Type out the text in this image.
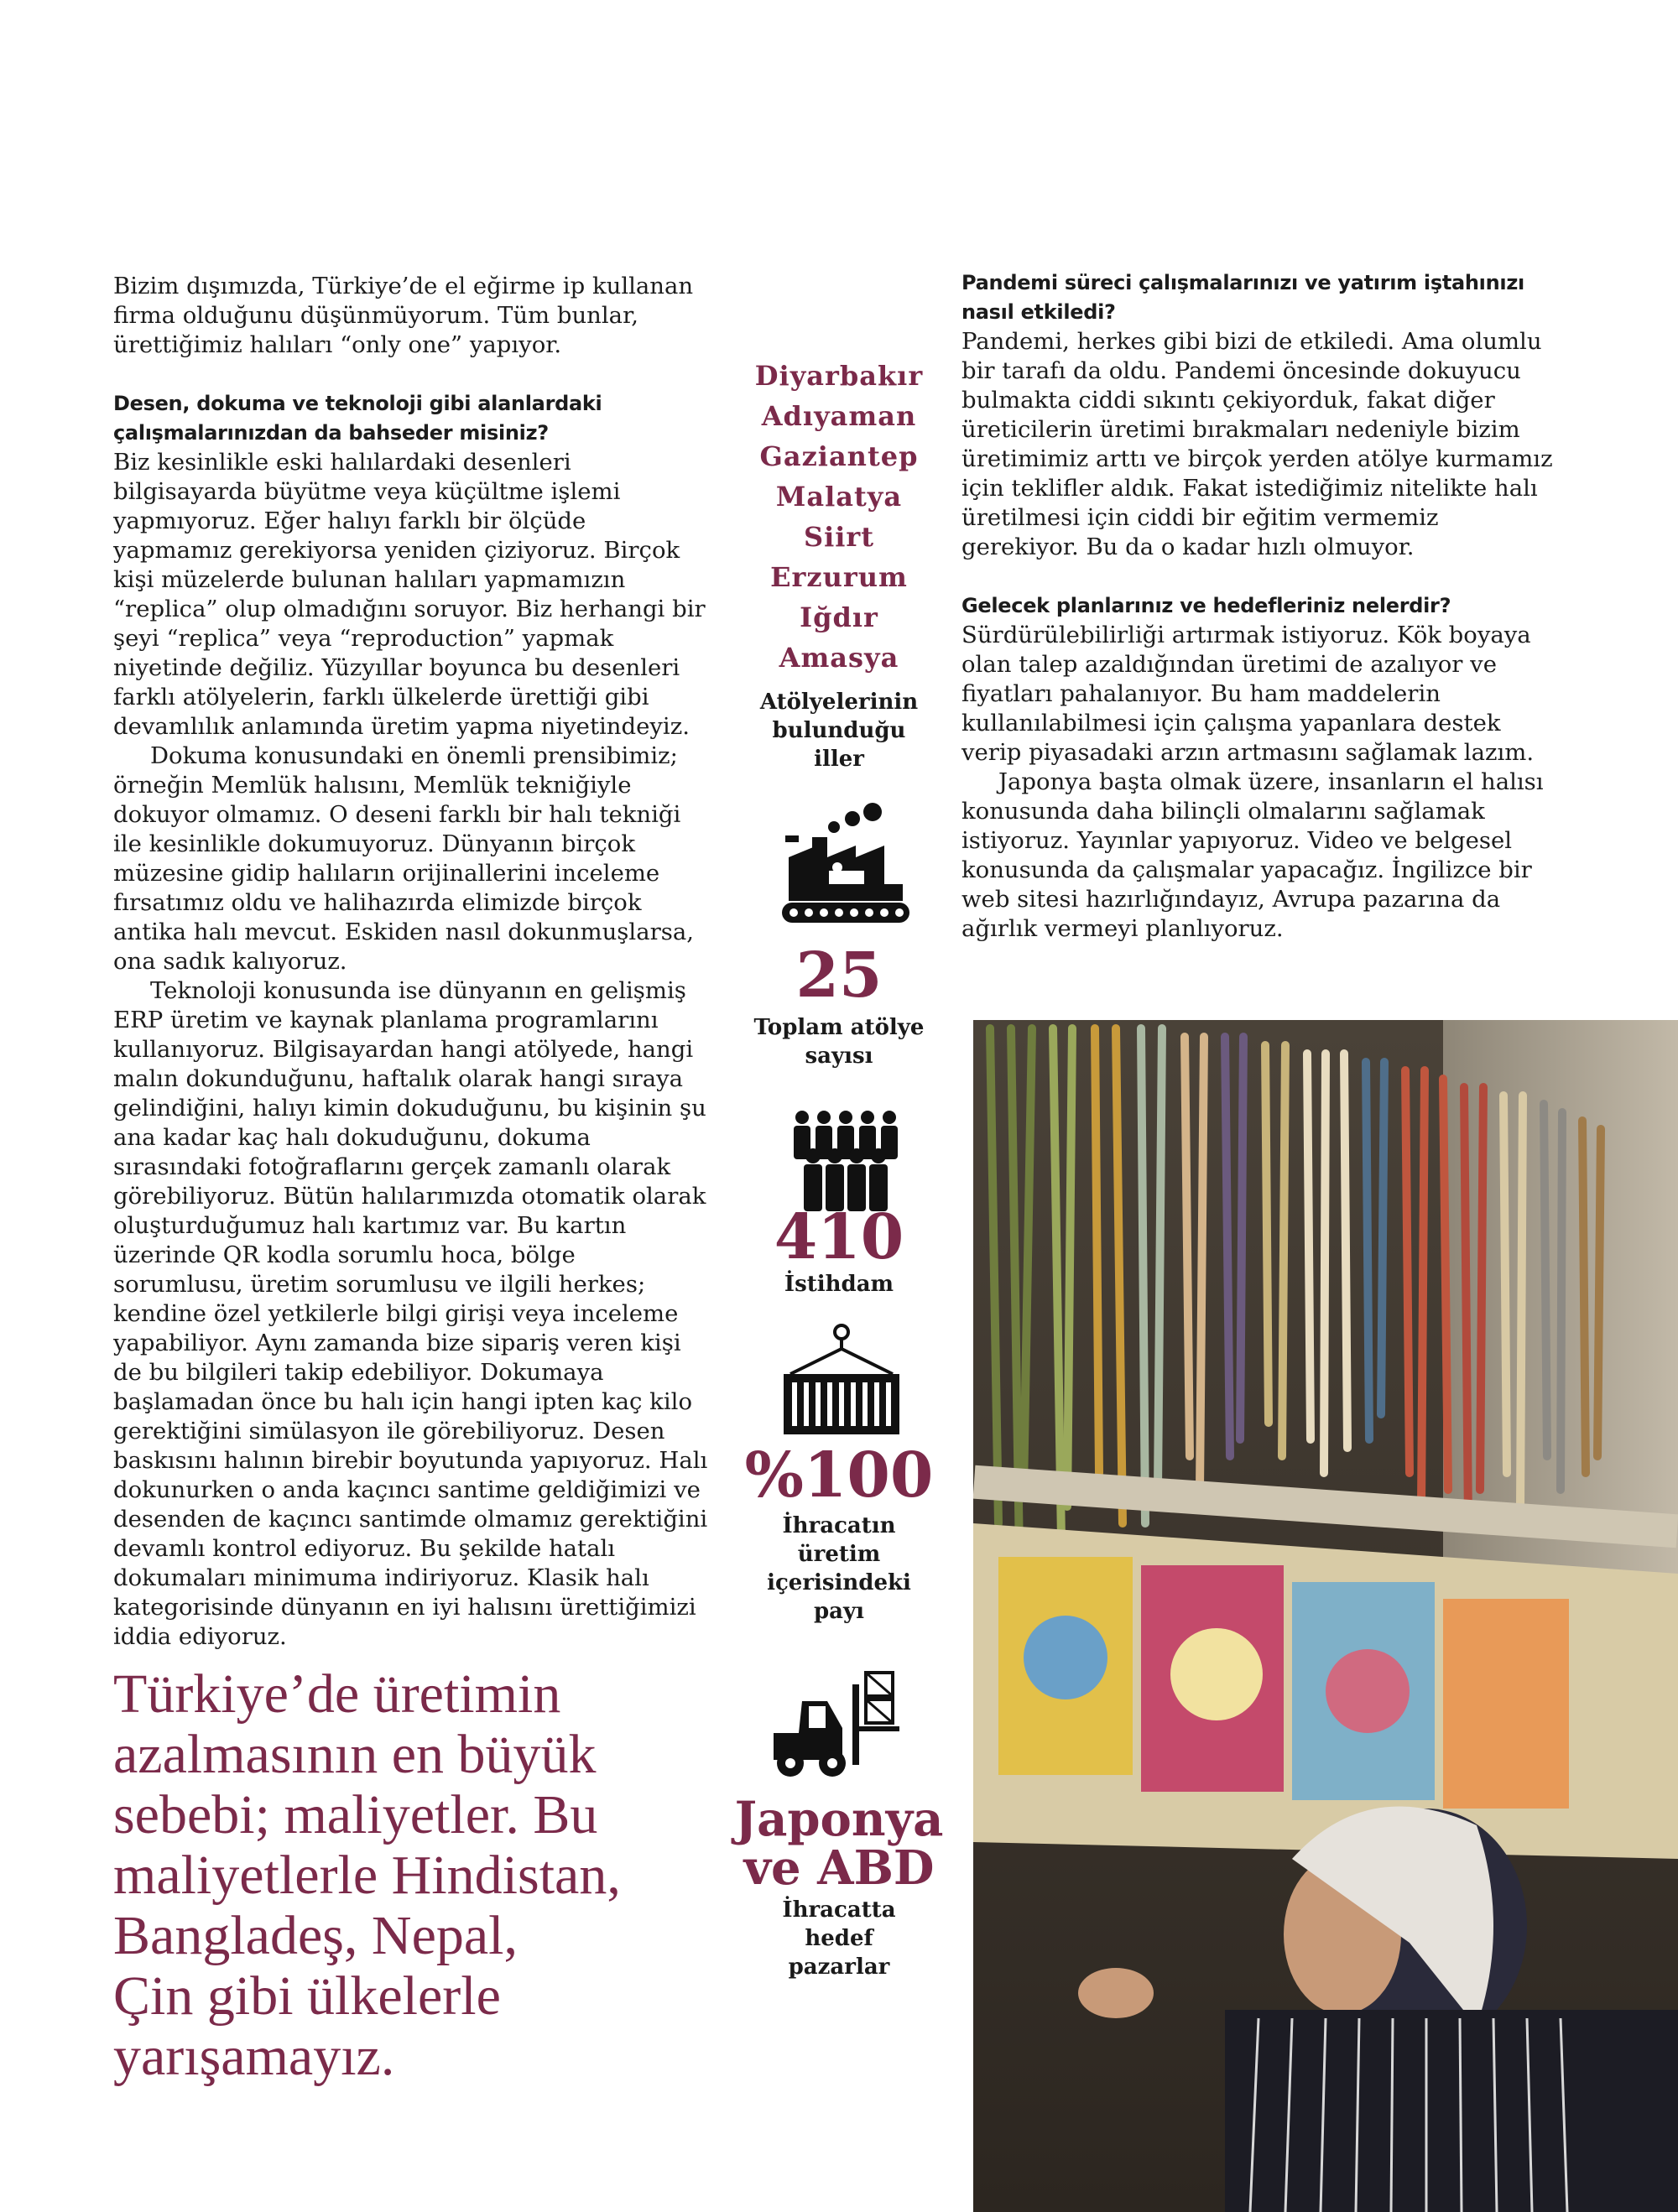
Bizim dışımızda, Türkiye’de el eğirme ip kullanan firma olduğunu düşünmüyorum. Tüm bunlar, ürettiğimiz halıları “only one” yapıyor.

Desen, dokuma ve teknoloji gibi alanlardaki çalışmalarınızdan da bahseder misiniz?

Biz kesinlikle eski halılardaki desenleri bilgisayarda büyütme veya küçültme işlemi yapmıyoruz. Eğer halıyı farklı bir ölçüde yapmamız gerekiyorsa yeniden çiziyoruz. Birçok kişi müzelerde bulunan halıları yapmamızın “replica” olup olmadığını soruyor. Biz herhangi bir şeyi “replica” veya “reproduction” yapmak niyetinde değiliz. Yüzyıllar boyunca bu desenleri farklı atölyelerin, farklı ülkelerde ürettiği gibi devamlılık anlamında üretim yapma niyetindeyiz.

Dokuma konusundaki en önemli prensibimiz; örneğin Memlük halısını, Memlük tekniğiyle dokuyor olmamız. O deseni farklı bir halı tekniği ile kesinlikle dokumuyoruz. Dünyanın birçok müzesine gidip halıların orijinallerini inceleme fırsatımız oldu ve halihazırda elimizde birçok antika halı mevcut. Eskiden nasıl dokunmuşlarsa, ona sadık kalıyoruz.

Teknoloji konusunda ise dünyanın en gelişmiş ERP üretim ve kaynak planlama programlarını kullanıyoruz. Bilgisayardan hangi atölyede, hangi malın dokunduğunu, haftalık olarak hangi sıraya gelindiğini, halıyı kimin dokuduğunu, bu kişinin şu ana kadar kaç halı dokuduğunu, dokuma sırasındaki fotoğraflarını gerçek zamanlı olarak görebiliyoruz. Bütün halılarımızda otomatik olarak oluşturduğumuz halı kartımız var. Bu kartın üzerinde QR kodla sorumlu hoca, bölge sorumlusu, üretim sorumlusu ve ilgili herkes; kendine özel yetkilerle bilgi girişi veya inceleme yapabiliyor. Aynı zamanda bize sipariş veren kişi de bu bilgileri takip edebiliyor. Dokumaya başlamadan önce bu halı için hangi ipten kaç kilo gerektiğini simülasyon ile görebiliyoruz. Desen baskısını halının birebir boyutunda yapıyoruz. Halı dokunurken o anda kaçıncı santime geldiğimizi ve desenden de kaçıncı santimde olmamız gerektiğini devamlı kontrol ediyoruz. Bu şekilde hatalı dokumaları minimuma indiriyoruz. Klasik halı kategorisinde dünyanın en iyi halısını ürettiğimizi iddia ediyoruz.

Türkiye’de üretimin

azalmasının en büyük

sebebi; maliyetler. Bu

maliyetlerle Hindistan,

Bangladeş, Nepal,

Çin gibi ülkelerle

yarışamayız.

Diyarbakır
Adıyaman
Gaziantep
Malatya
Siirt
Erzurum
Iğdır
Amasya
Atölyelerinin
bulunduğu
iller
25
Toplam atölye
sayısı
410
İstihdam
%100
İhracatın
üretim
içerisindeki
payı
Japonya
ve ABD
İhracatta
hedef
pazarlar

Pandemi süreci çalışmalarınızı ve yatırım iştahınızı nasıl etkiledi?

Pandemi, herkes gibi bizi de etkiledi. Ama olumlu bir tarafı da oldu. Pandemi öncesinde dokuyucu bulmakta ciddi sıkıntı çekiyorduk, fakat diğer üreticilerin üretimi bırakmaları nedeniyle bizim üretimimiz arttı ve birçok yerden atölye kurmamız için teklifler aldık. Fakat istediğimiz nitelikte halı üretilmesi için ciddi bir eğitim vermemiz gerekiyor. Bu da o kadar hızlı olmuyor.

Gelecek planlarınız ve hedefleriniz nelerdir?

Sürdürülebilirliği artırmak istiyoruz. Kök boyaya olan talep azaldığından üretimi de azalıyor ve fiyatları pahalanıyor. Bu ham maddelerin kullanılabilmesi için çalışma yapanlara destek verip piyasadaki arzın artmasını sağlamak lazım.

Japonya başta olmak üzere, insanların el halısı konusunda daha bilinçli olmalarını sağlamak istiyoruz. Yayınlar yapıyoruz. Video ve belgesel konusunda da çalışmalar yapacağız. İngilizce bir web sitesi hazırlığındayız, Avrupa pazarına da ağırlık vermeyi planlıyoruz.
